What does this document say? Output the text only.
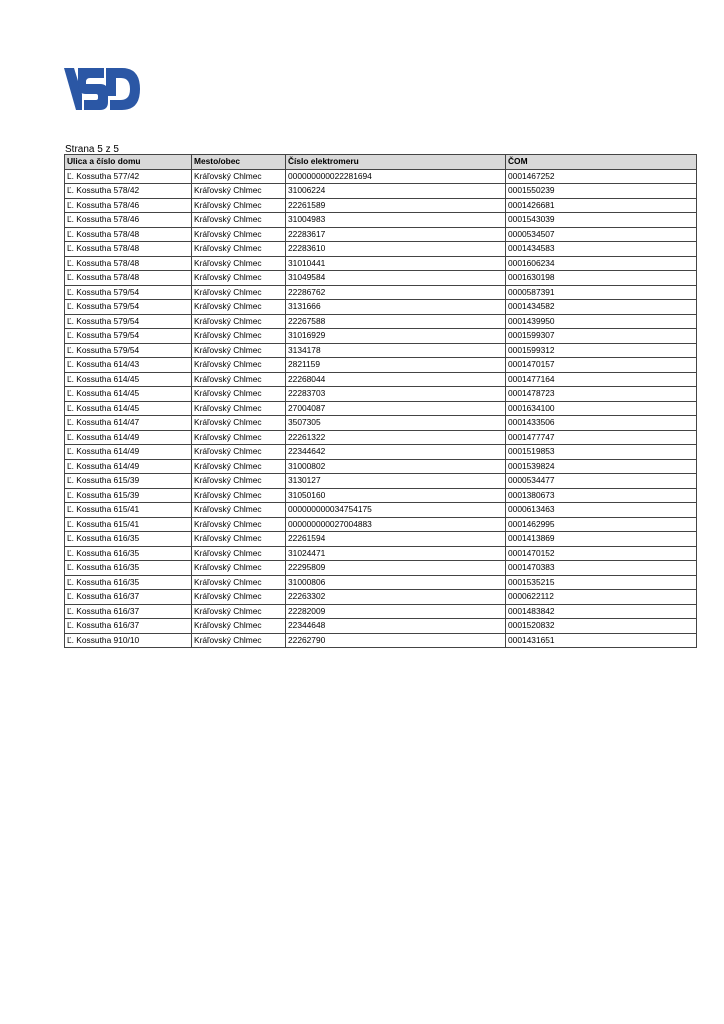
Strana 5 z 5
Ulica a číslo domu	Mesto/obec	Číslo elektromeru	ČOM
Ľ. Kossutha 577/42	Kráľovský Chlmec	000000000022281694	0001467252
Ľ. Kossutha 578/42	Kráľovský Chlmec	31006224	0001550239
Ľ. Kossutha 578/46	Kráľovský Chlmec	22261589	0001426681
Ľ. Kossutha 578/46	Kráľovský Chlmec	31004983	0001543039
Ľ. Kossutha 578/48	Kráľovský Chlmec	22283617	0000534507
Ľ. Kossutha 578/48	Kráľovský Chlmec	22283610	0001434583
Ľ. Kossutha 578/48	Kráľovský Chlmec	31010441	0001606234
Ľ. Kossutha 578/48	Kráľovský Chlmec	31049584	0001630198
Ľ. Kossutha 579/54	Kráľovský Chlmec	22286762	0000587391
Ľ. Kossutha 579/54	Kráľovský Chlmec	3131666	0001434582
Ľ. Kossutha 579/54	Kráľovský Chlmec	22267588	0001439950
Ľ. Kossutha 579/54	Kráľovský Chlmec	31016929	0001599307
Ľ. Kossutha 579/54	Kráľovský Chlmec	3134178	0001599312
Ľ. Kossutha 614/43	Kráľovský Chlmec	2821159	0001470157
Ľ. Kossutha 614/45	Kráľovský Chlmec	22268044	0001477164
Ľ. Kossutha 614/45	Kráľovský Chlmec	22283703	0001478723
Ľ. Kossutha 614/45	Kráľovský Chlmec	27004087	0001634100
Ľ. Kossutha 614/47	Kráľovský Chlmec	3507305	0001433506
Ľ. Kossutha 614/49	Kráľovský Chlmec	22261322	0001477747
Ľ. Kossutha 614/49	Kráľovský Chlmec	22344642	0001519853
Ľ. Kossutha 614/49	Kráľovský Chlmec	31000802	0001539824
Ľ. Kossutha 615/39	Kráľovský Chlmec	3130127	0000534477
Ľ. Kossutha 615/39	Kráľovský Chlmec	31050160	0001380673
Ľ. Kossutha 615/41	Kráľovský Chlmec	000000000034754175	0000613463
Ľ. Kossutha 615/41	Kráľovský Chlmec	000000000027004883	0001462995
Ľ. Kossutha 616/35	Kráľovský Chlmec	22261594	0001413869
Ľ. Kossutha 616/35	Kráľovský Chlmec	31024471	0001470152
Ľ. Kossutha 616/35	Kráľovský Chlmec	22295809	0001470383
Ľ. Kossutha 616/35	Kráľovský Chlmec	31000806	0001535215
Ľ. Kossutha 616/37	Kráľovský Chlmec	22263302	0000622112
Ľ. Kossutha 616/37	Kráľovský Chlmec	22282009	0001483842
Ľ. Kossutha 616/37	Kráľovský Chlmec	22344648	0001520832
Ľ. Kossutha 910/10	Kráľovský Chlmec	22262790	0001431651
